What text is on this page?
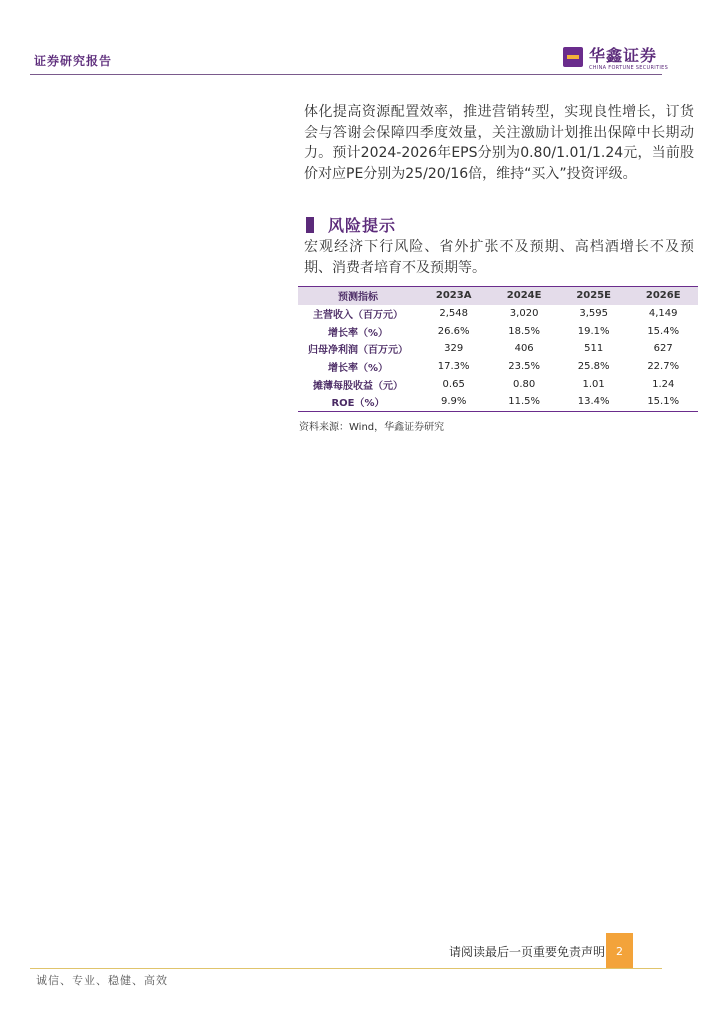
证券研究报告	华鑫证券
CHINA FORTUNE SECURITIES

体化提高资源配置效率，推进营销转型，实现良性增长，订货会与答谢会保障四季度效量，关注激励计划推出保障中长期动力。预计2024-2026年EPS分别为0.80/1.01/1.24元，当前股价对应PE分别为25/20/16倍，维持“买入”投资评级。

风险提示

宏观经济下行风险、省外扩张不及预期、高档酒增长不及预期、消费者培育不及预期等。

预测指标	2023A	2024E	2025E	2026E
主营收入（百万元）	2,548	3,020	3,595	4,149
增长率（%）	26.6%	18.5%	19.1%	15.4%
归母净利润（百万元）	329	406	511	627
增长率（%）	17.3%	23.5%	25.8%	22.7%
摊薄每股收益（元）	0.65	0.80	1.01	1.24
ROE（%）	9.9%	11.5%	13.4%	15.1%
资料来源：Wind，华鑫证券研究
请阅读最后一页重要免责声明	2
诚信、专业、稳健、高效
